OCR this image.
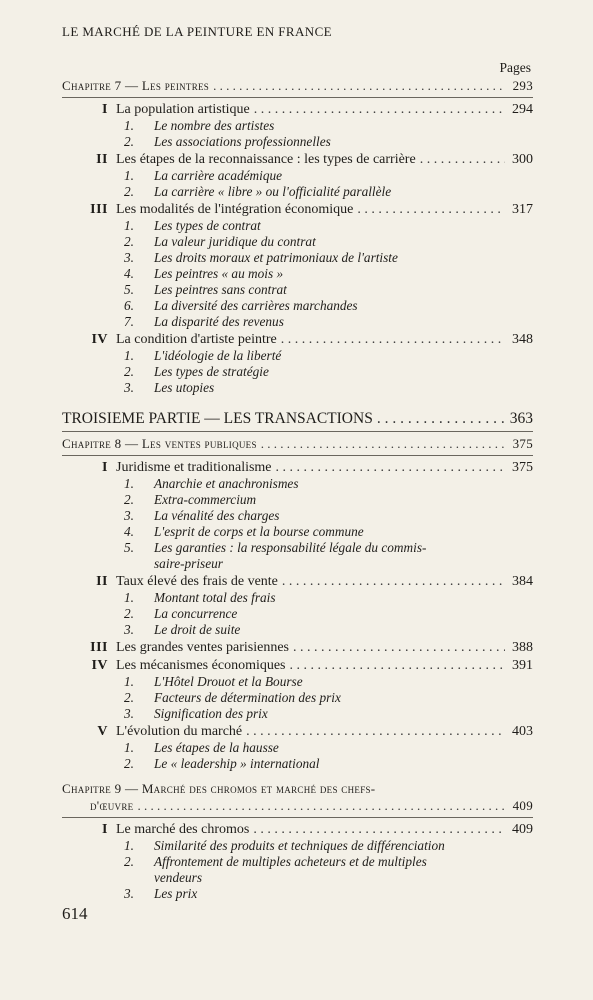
LE MARCHÉ DE LA PEINTURE EN FRANCE
Pages
Chapitre 7 — Les peintres . . .	293
I La population artistique . . .	294
1.	Le nombre des artistes
2.	Les associations professionnelles
II Les étapes de la reconnaissance : les types de carrière . . .	300
1.	La carrière académique
2.	La carrière « libre » ou l'officialité parallèle
III Les modalités de l'intégration économique . . .	317
1.	Les types de contrat
2.	La valeur juridique du contrat
3.	Les droits moraux et patrimoniaux de l'artiste
4.	Les peintres « au mois »
5.	Les peintres sans contrat
6.	La diversité des carrières marchandes
7.	La disparité des revenus
IV La condition d'artiste peintre . . .	348
1.	L'idéologie de la liberté
2.	Les types de stratégie
3.	Les utopies
TROISIEME PARTIE — LES TRANSACTIONS . . .	363
Chapitre 8 — Les ventes publiques . . .	375
I Juridisme et traditionalisme . . .	375
1.	Anarchie et anachronismes
2.	Extra-commercium
3.	La vénalité des charges
4.	L'esprit de corps et la bourse commune
5.	Les garanties : la responsabilité légale du commis-
saire-priseur
II Taux élevé des frais de vente . . .	384
1.	Montant total des frais
2.	La concurrence
3.	Le droit de suite
III Les grandes ventes parisiennes . . .	388
IV Les mécanismes économiques . . .	391
1.	L'Hôtel Drouot et la Bourse
2.	Facteurs de détermination des prix
3.	Signification des prix
V L'évolution du marché . . .	403
1.	Les étapes de la hausse
2.	Le « leadership » international
Chapitre 9 — Marché des chromos et marché des chefs-
d'œuvre . . .	409
I Le marché des chromos . . .	409
1.	Similarité des produits et techniques de différenciation
2.	Affrontement de multiples acheteurs et de multiples
vendeurs
3.	Les prix
614
